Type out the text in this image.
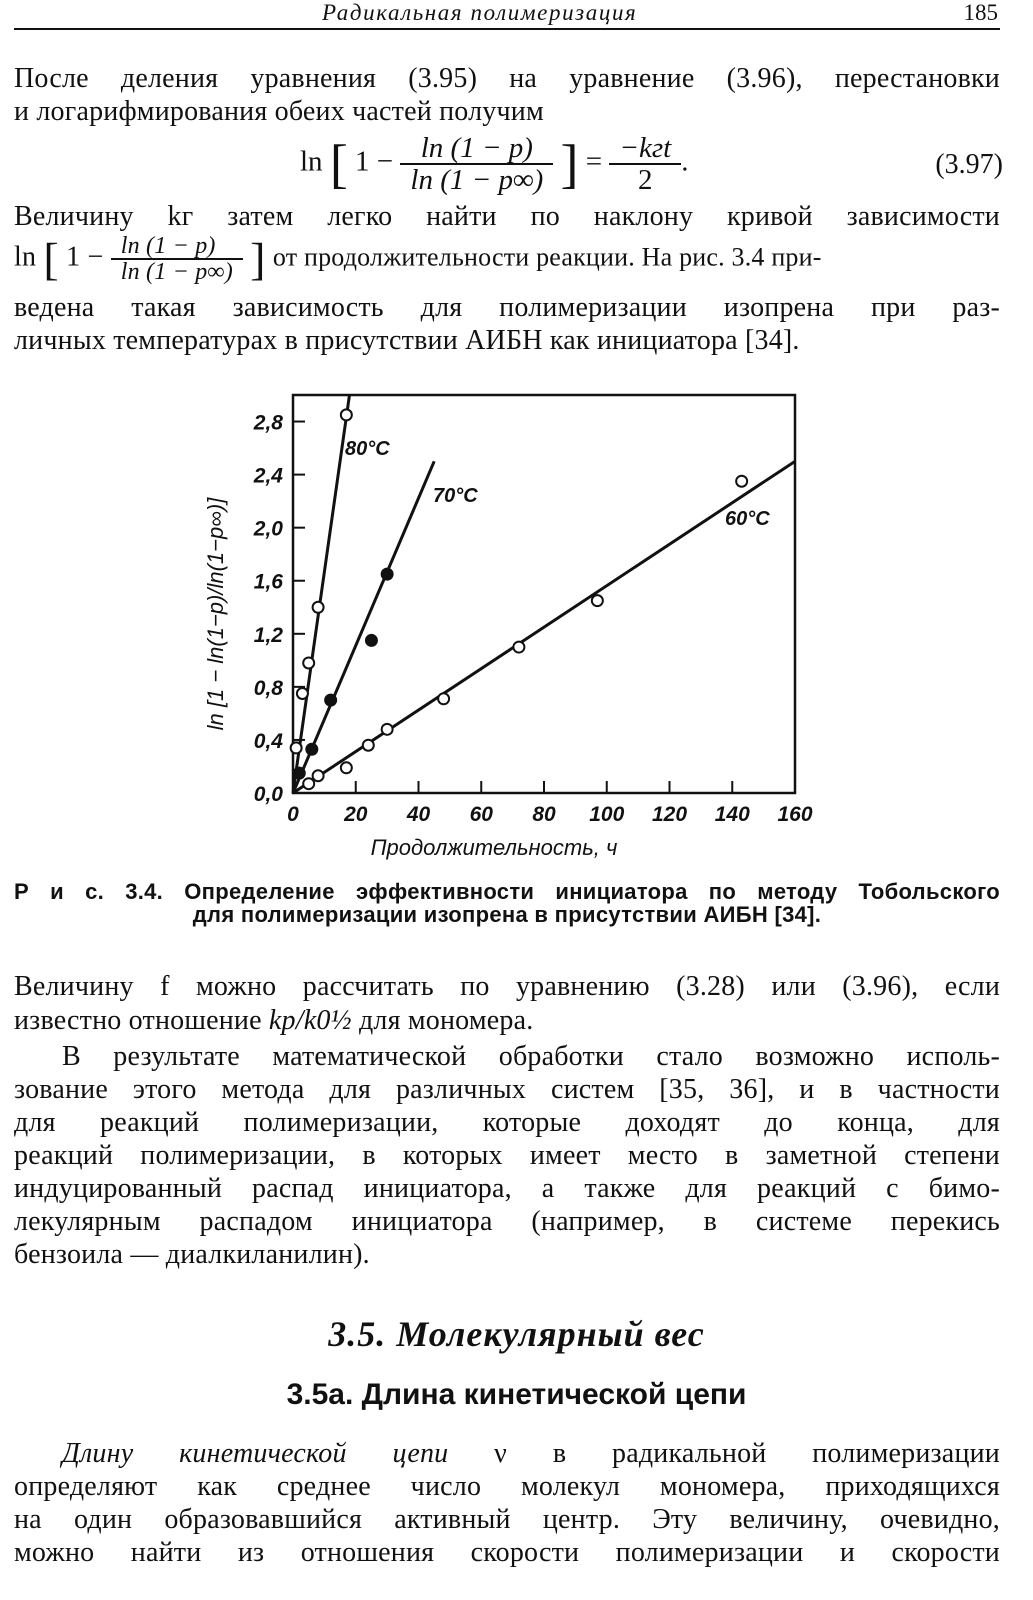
Радикальная полимеризация	185
После деления уравнения (3.95) на уравнение (3.96), перестановки
и логарифмирования обеих частей получим
ln [ $1 - \frac{\ln (1 - p)}{\ln (1 - p\infty)}$ ] = $\frac{\text{−kгt}}{2}$ .	(3.97)
Величину kг затем легко найти по наклону кривой зависимости
ln [ $1 - \frac{\ln (1 - p)}{\ln (1 - p\infty)}$ ] от продолжительности реакции. На рис. 3.4 при-
ведена такая зависимость для полимеризации изопрена при раз-
личных температурах в присутствии АИБН как инициатора [34].
0 20 40 60 80 100 120 140 160
0,0
0,4
0,8
1,2
1,6
2,0
2,4
2,8
Продолжительность, ч
ln [1 − ln(1−p)/ln(1−p∞)]
80°С
70°С
60°С
Р и с. 3.4. Определение эффективности инициатора по методу Тобольского
для полимеризации изопрена в присутствии АИБН [34].
Величину f можно рассчитать по уравнению (3.28) или (3.96), если
известно отношение kp/k0½ для мономера.
В результате математической обработки стало возможно исполь-
зование этого метода для различных систем [35, 36], и в частности
для реакций полимеризации, которые доходят до конца, для
реакций полимеризации, в которых имеет место в заметной степени
индуцированный распад инициатора, а также для реакций с бимо-
лекулярным распадом инициатора (например, в системе перекись
бензоила — диалкиланилин).
3.5. Молекулярный вес
3.5а. Длина кинетической цепи
Длину кинетической цепи ν в радикальной полимеризации
определяют как среднее число молекул мономера, приходящихся
на один образовавшийся активный центр. Эту величину, очевидно,
можно найти из отношения скорости полимеризации и скорости
